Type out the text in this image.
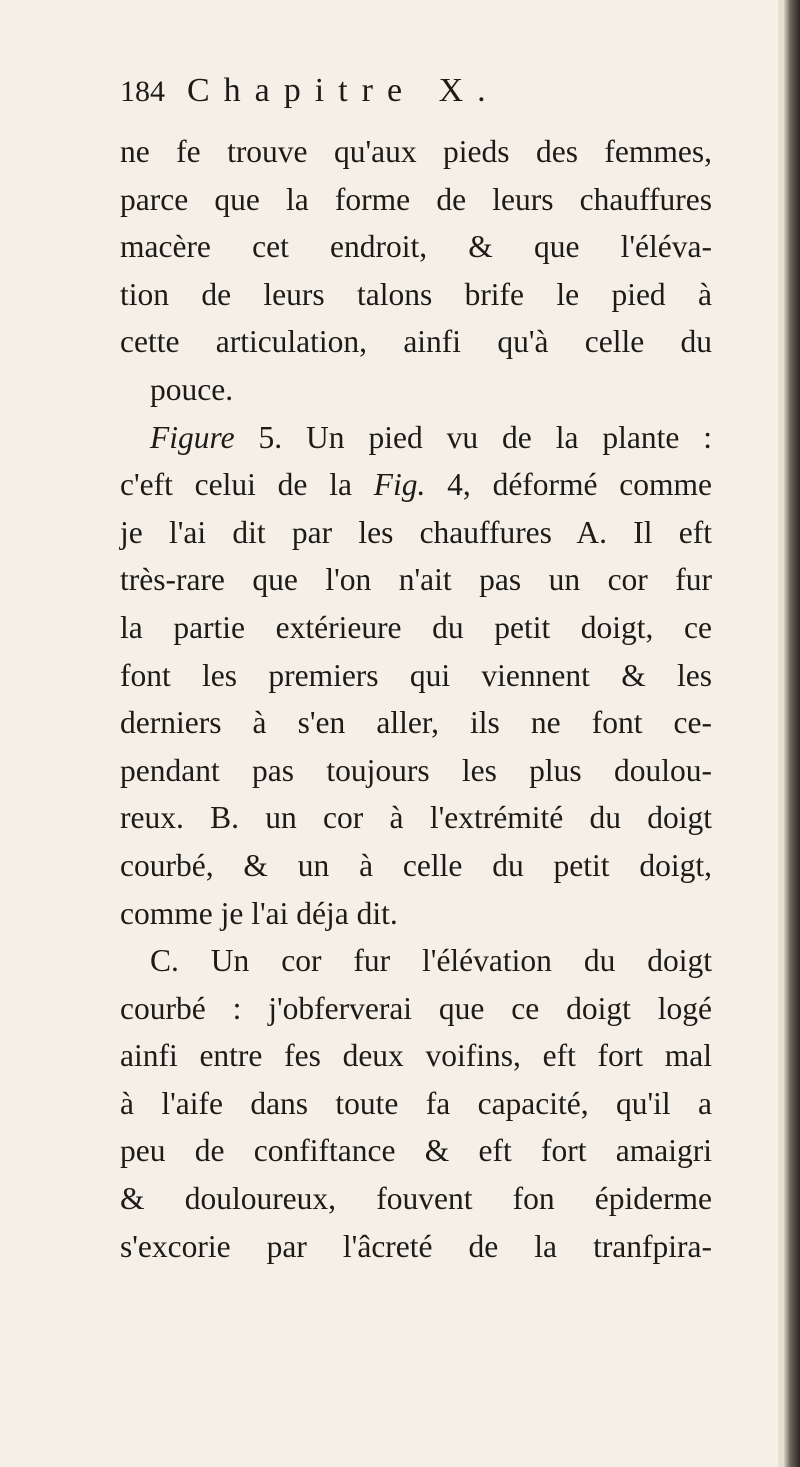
184 Chapitre X.
ne fe trouve qu'aux pieds des femmes,
parce que la forme de leurs chauffures
macère cet endroit, & que l'éléva-
tion de leurs talons brife le pied à
cette articulation, ainfi qu'à celle du
pouce.
Figure 5. Un pied vu de la plante :
c'eft celui de la Fig. 4, déformé comme
je l'ai dit par les chauffures A. Il eft
très-rare que l'on n'ait pas un cor fur
la partie extérieure du petit doigt, ce
font les premiers qui viennent & les
derniers à s'en aller, ils ne font ce-
pendant pas toujours les plus doulou-
reux. B. un cor à l'extrémité du doigt
courbé, & un à celle du petit doigt,
comme je l'ai déja dit.
C. Un cor fur l'élévation du doigt
courbé : j'obferverai que ce doigt logé
ainfi entre fes deux voifins, eft fort mal
à l'aife dans toute fa capacité, qu'il a
peu de confiftance & eft fort amaigri
& douloureux, fouvent fon épiderme
s'excorie par l'âcreté de la tranfpira-
